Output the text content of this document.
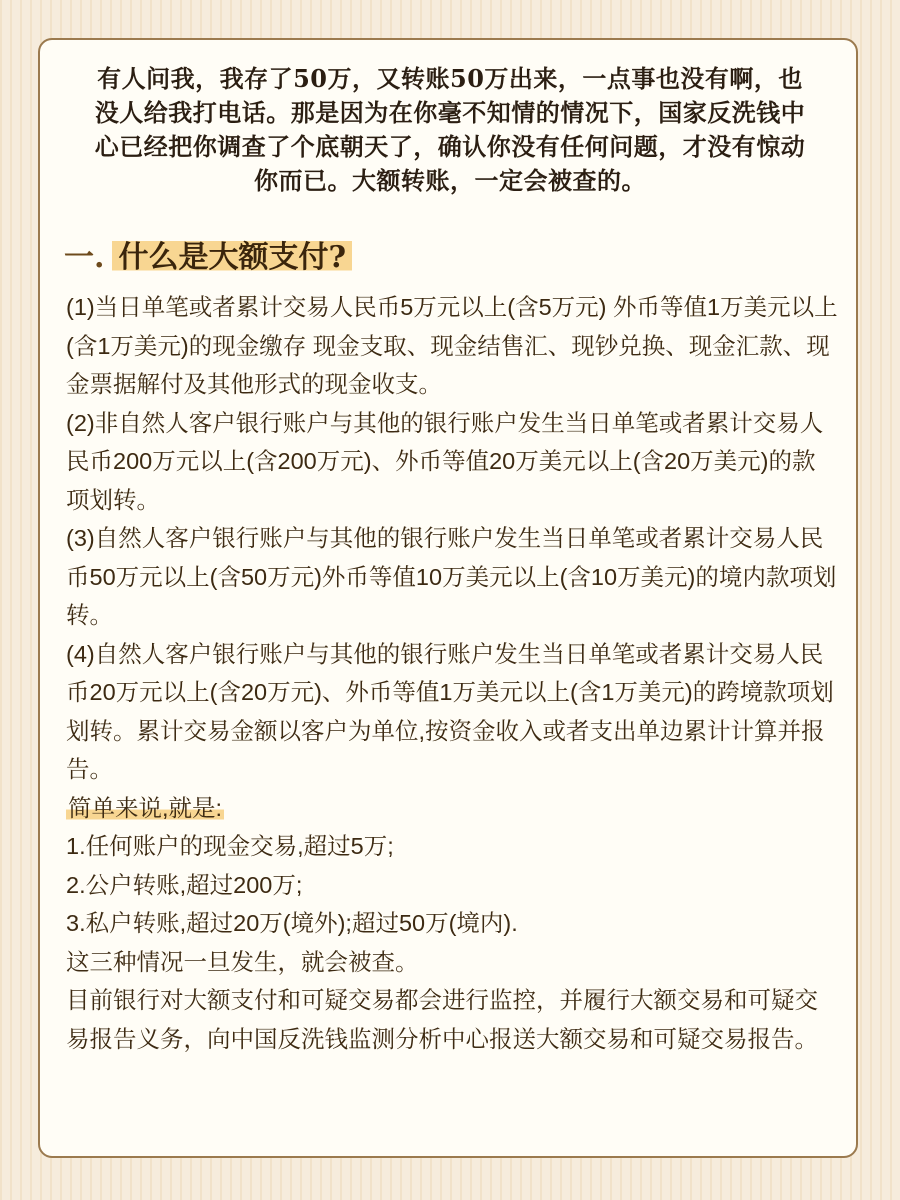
有人问我，我存了50万，又转账50万出来，一点事也没有啊，也没人给我打电话。那是因为在你毫不知情的情况下，国家反洗钱中心已经把你调查了个底朝天了，确认你没有任何问题，才没有惊动你而已。大额转账，一定会被查的。
一. 什么是大额支付?

(1)当日单笔或者累计交易人民币5万元以上(含5万元) 外币等值1万美元以上(含1万美元)的现金缴存 现金支取、现金结售汇、现钞兑换、现金汇款、现金票据解付及其他形式的现金收支。

(2)非自然人客户银行账户与其他的银行账户发生当日单笔或者累计交易人民币200万元以上(含200万元)、外币等值20万美元以上(含20万美元)的款项划转。

(3)自然人客户银行账户与其他的银行账户发生当日单笔或者累计交易人民币50万元以上(含50万元)外币等值10万美元以上(含10万美元)的境内款项划转。

(4)自然人客户银行账户与其他的银行账户发生当日单笔或者累计交易人民币20万元以上(含20万元)、外币等值1万美元以上(含1万美元)的跨境款项划划转。累计交易金额以客户为单位,按资金收入或者支出单边累计计算并报告。

简单来说,就是:

1.任何账户的现金交易,超过5万;

2.公户转账,超过200万;

3.私户转账,超过20万(境外);超过50万(境内).

这三种情况一旦发生，就会被查。

目前银行对大额支付和可疑交易都会进行监控，并履行大额交易和可疑交易报告义务，向中国反洗钱监测分析中心报送大额交易和可疑交易报告。
